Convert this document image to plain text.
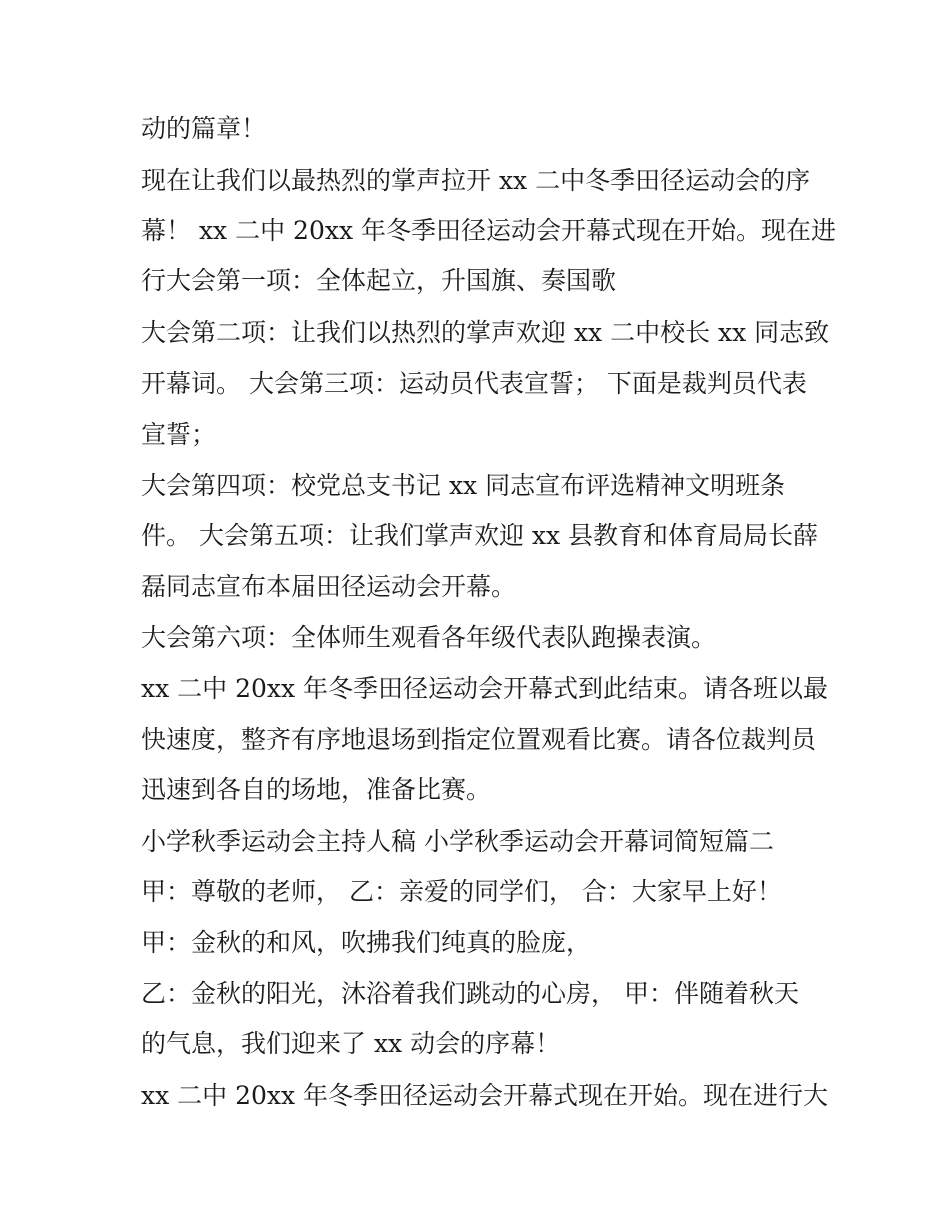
动的篇章！
现在让我们以最热烈的掌声拉开 xx 二中冬季田径运动会的序
幕！ xx 二中 20xx 年冬季田径运动会开幕式现在开始。现在进
行大会第一项：全体起立，升国旗、奏国歌
大会第二项：让我们以热烈的掌声欢迎 xx 二中校长 xx 同志致
开幕词。 大会第三项：运动员代表宣誓； 下面是裁判员代表
宣誓；
大会第四项：校党总支书记 xx 同志宣布评选精神文明班条
件。 大会第五项：让我们掌声欢迎 xx 县教育和体育局局长薛
磊同志宣布本届田径运动会开幕。
大会第六项：全体师生观看各年级代表队跑操表演。
xx 二中 20xx 年冬季田径运动会开幕式到此结束。请各班以最
快速度，整齐有序地退场到指定位置观看比赛。请各位裁判员
迅速到各自的场地，准备比赛。
小学秋季运动会主持人稿 小学秋季运动会开幕词简短篇二
甲：尊敬的老师， 乙：亲爱的同学们， 合：大家早上好！
甲：金秋的和风，吹拂我们纯真的脸庞，
乙：金秋的阳光，沐浴着我们跳动的心房， 甲：伴随着秋天
的气息，我们迎来了 xx 动会的序幕！
xx 二中 20xx 年冬季田径运动会开幕式现在开始。现在进行大
